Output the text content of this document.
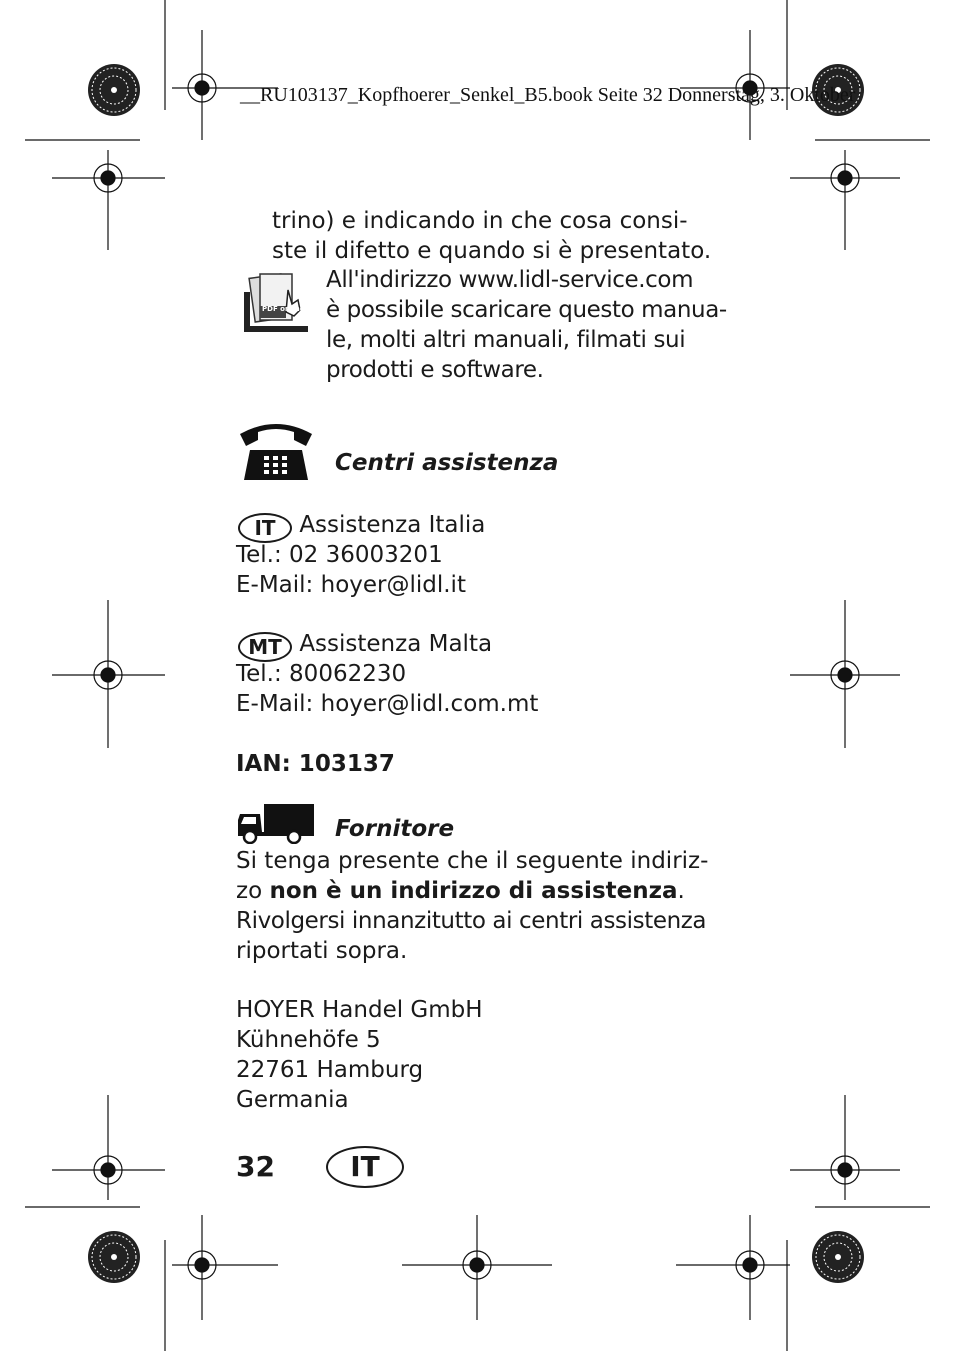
__RU103137_Kopfhoerer_Senkel_B5.book Seite 32 Donnerstag, 3. Oktober
trino) e indicando in che cosa consi-
ste il difetto e quando si è presentato.
PDF online
All'indirizzo www.lidl-service.com
è possibile scaricare questo manua-
le, molti altri manuali, filmati sui
prodotti e software.
Centri assistenza
IT Assistenza Italia
Tel.: 02 36003201
E-Mail: hoyer@lidl.it
MT Assistenza Malta
Tel.: 80062230
E-Mail: hoyer@lidl.com.mt
IAN: 103137
Fornitore
Si tenga presente che il seguente indiriz-
zo non è un indirizzo di assistenza.
Rivolgersi innanzitutto ai centri assistenza
riportati sopra.
HOYER Handel GmbH
Kühnehöfe 5
22761 Hamburg
Germania
32	IT
